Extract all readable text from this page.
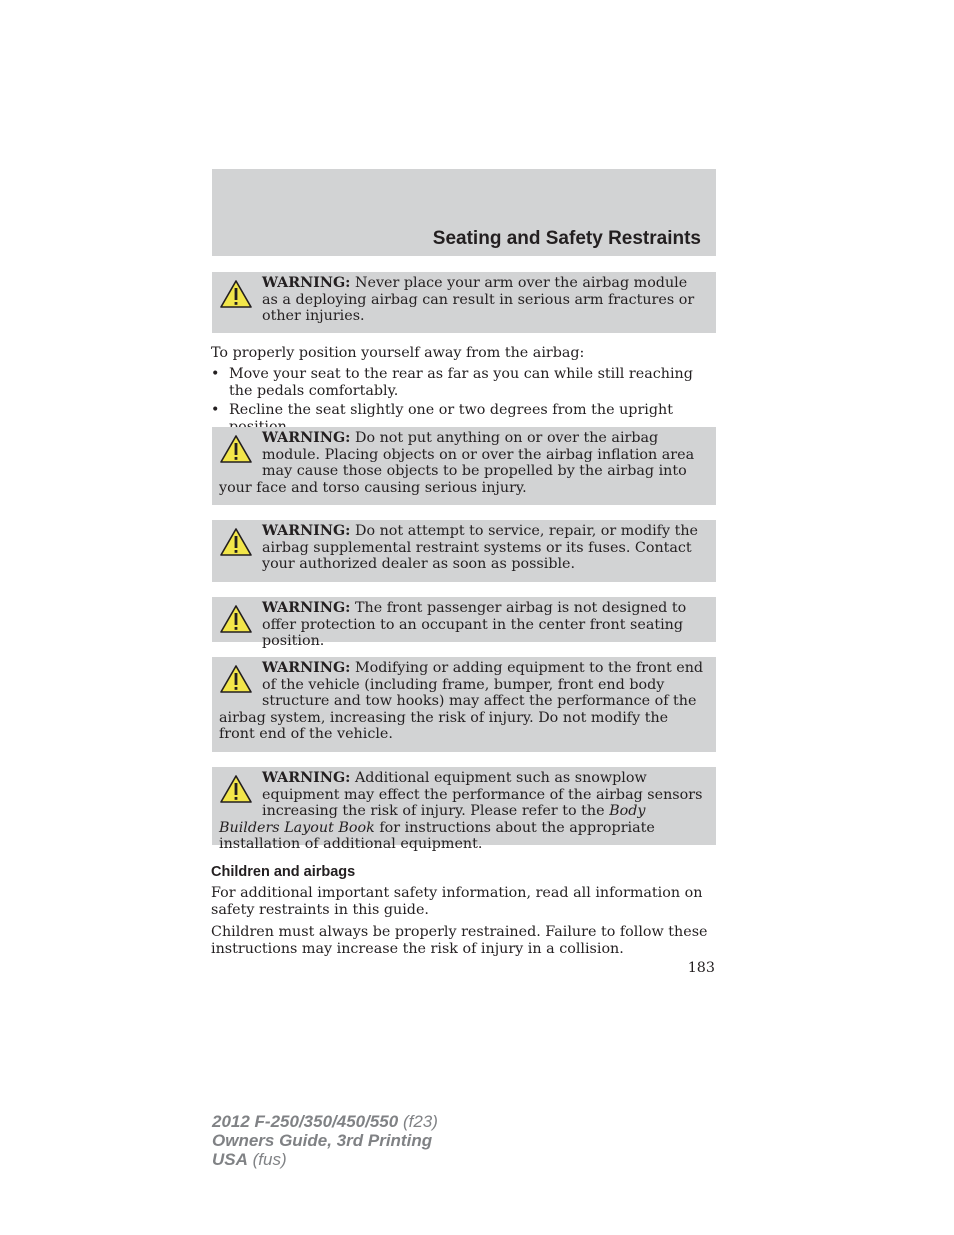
Seating and Safety Restraints
WARNING: Never place your arm over the airbag module as a deploying airbag can result in serious arm fractures or other injuries.

To properly position yourself away from the airbag:

• Move your seat to the rear as far as you can while still reaching the pedals comfortably.
• Recline the seat slightly one or two degrees from the upright
WARNING: Do not put anything on or over the airbag module. Placing objects on or over the airbag inflation area may cause those objects to be propelled by the airbag into your face and torso causing serious injury.
WARNING: Do not attempt to service, repair, or modify the airbag supplemental restraint systems or its fuses. Contact your authorized dealer as soon as possible.
WARNING: The front passenger airbag is not designed to offer protection to an occupant in the center front seating position.
WARNING: Modifying or adding equipment to the front end of the vehicle (including frame, bumper, front end body structure and tow hooks) may affect the performance of the airbag system, increasing the risk of injury. Do not modify the front end of the vehicle.
WARNING: Additional equipment such as snowplow equipment may effect the performance of the airbag sensors increasing the risk of injury. Please refer to the Body Builders Layout Book for instructions about the appropriate installation of additional equipment.
Children and airbags

For additional important safety information, read all information on safety restraints in this guide.

Children must always be properly restrained. Failure to follow these instructions may increase the risk of injury in a collision.

183
2012 F-250/350/450/550 (f23)
Owners Guide, 3rd Printing
USA (fus)
